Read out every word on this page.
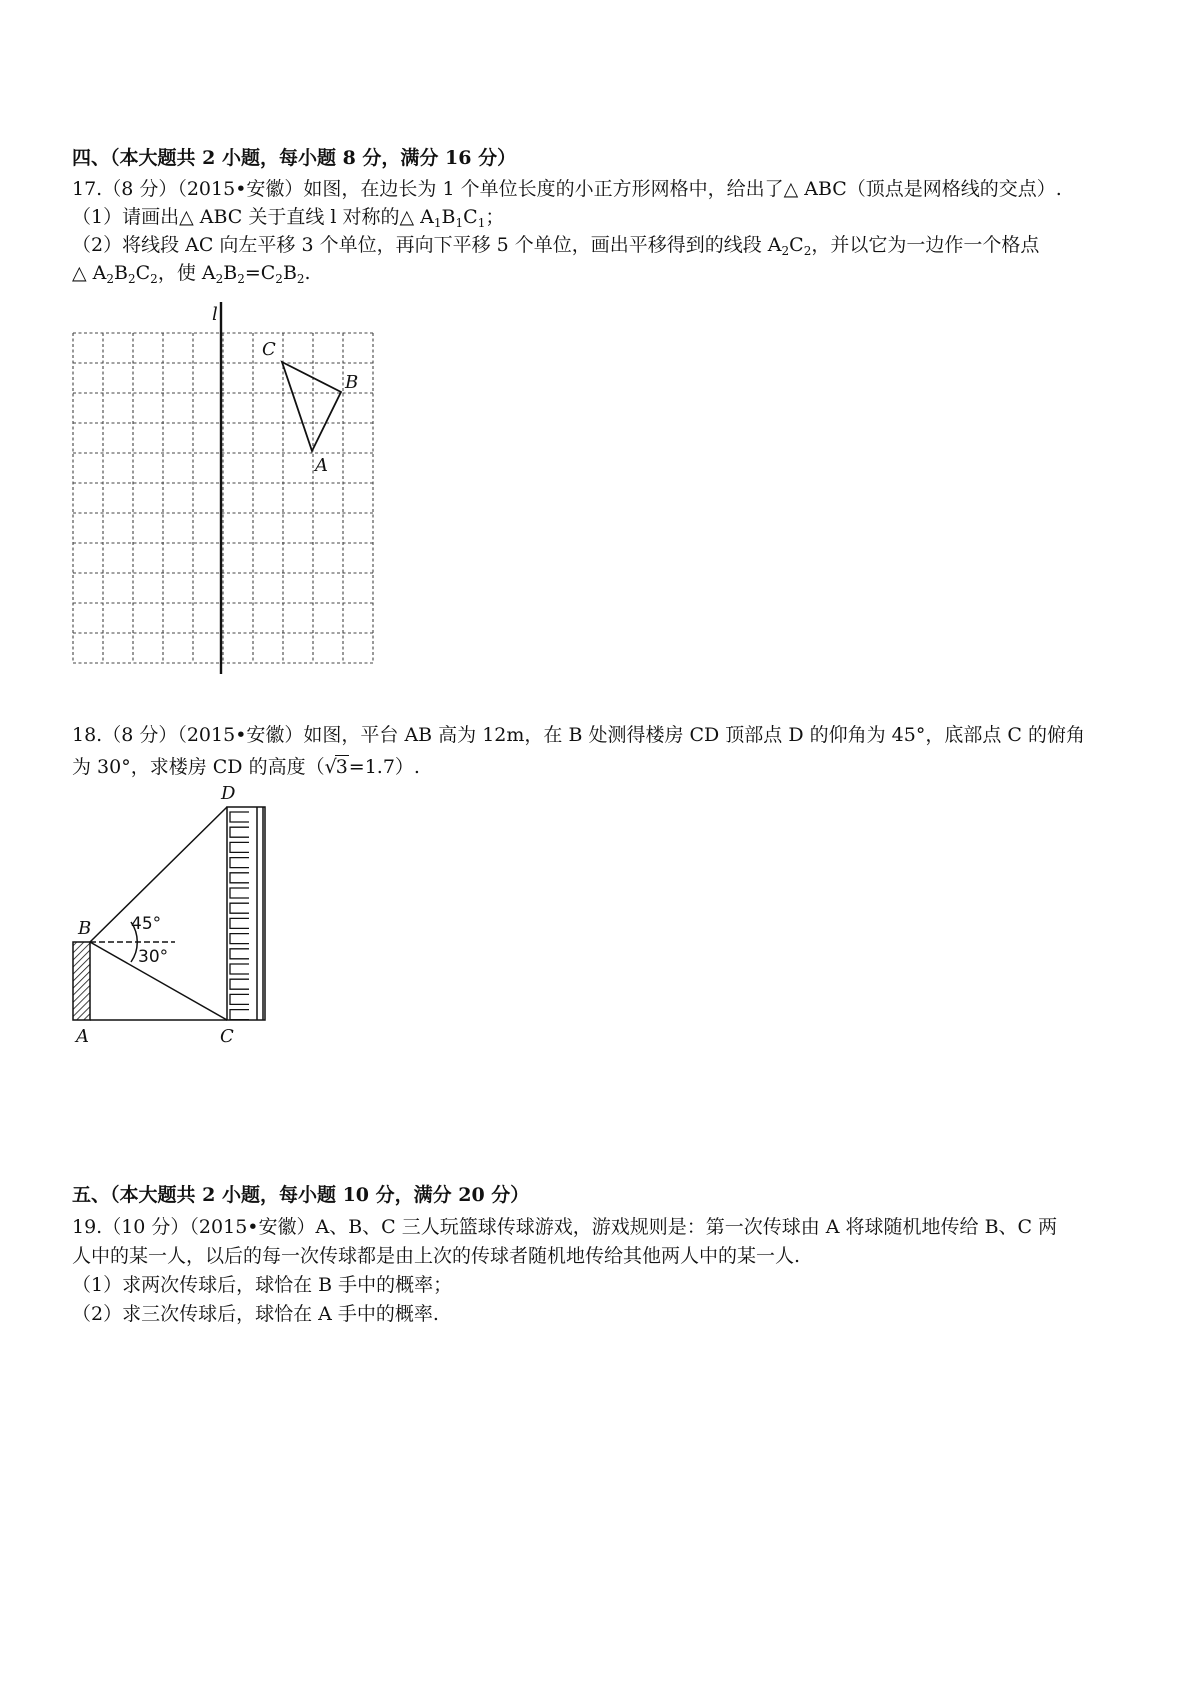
四、（本大题共 2 小题，每小题 8 分，满分 16 分）
17.（8 分）（2015•安徽）如图，在边长为 1 个单位长度的小正方形网格中，给出了△ ABC（顶点是网格线的交点）.
（1）请画出△ ABC 关于直线 l 对称的△ $A_1B_1C_1$；
（2）将线段 AC 向左平移 3 个单位，再向下平移 5 个单位，画出平移得到的线段 $A_2C_2$，并以它为一边作一个格点
△ $A_2B_2C_2$，使 $A_2B_2=C_2B_2$.
l
C
B
A
18.（8 分）（2015•安徽）如图，平台 AB 高为 12m，在 B 处测得楼房 CD 顶部点 D 的仰角为 45°，底部点 C 的俯角
为 30°，求楼房 CD 的高度（√3=1.7）.
D
B
A	C
45°
30°
五、（本大题共 2 小题，每小题 10 分，满分 20 分）
19.（10 分）（2015•安徽）A、B、C 三人玩篮球传球游戏，游戏规则是：第一次传球由 A 将球随机地传给 B、C 两
人中的某一人，以后的每一次传球都是由上次的传球者随机地传给其他两人中的某一人.
（1）求两次传球后，球恰在 B 手中的概率；
（2）求三次传球后，球恰在 A 手中的概率.
